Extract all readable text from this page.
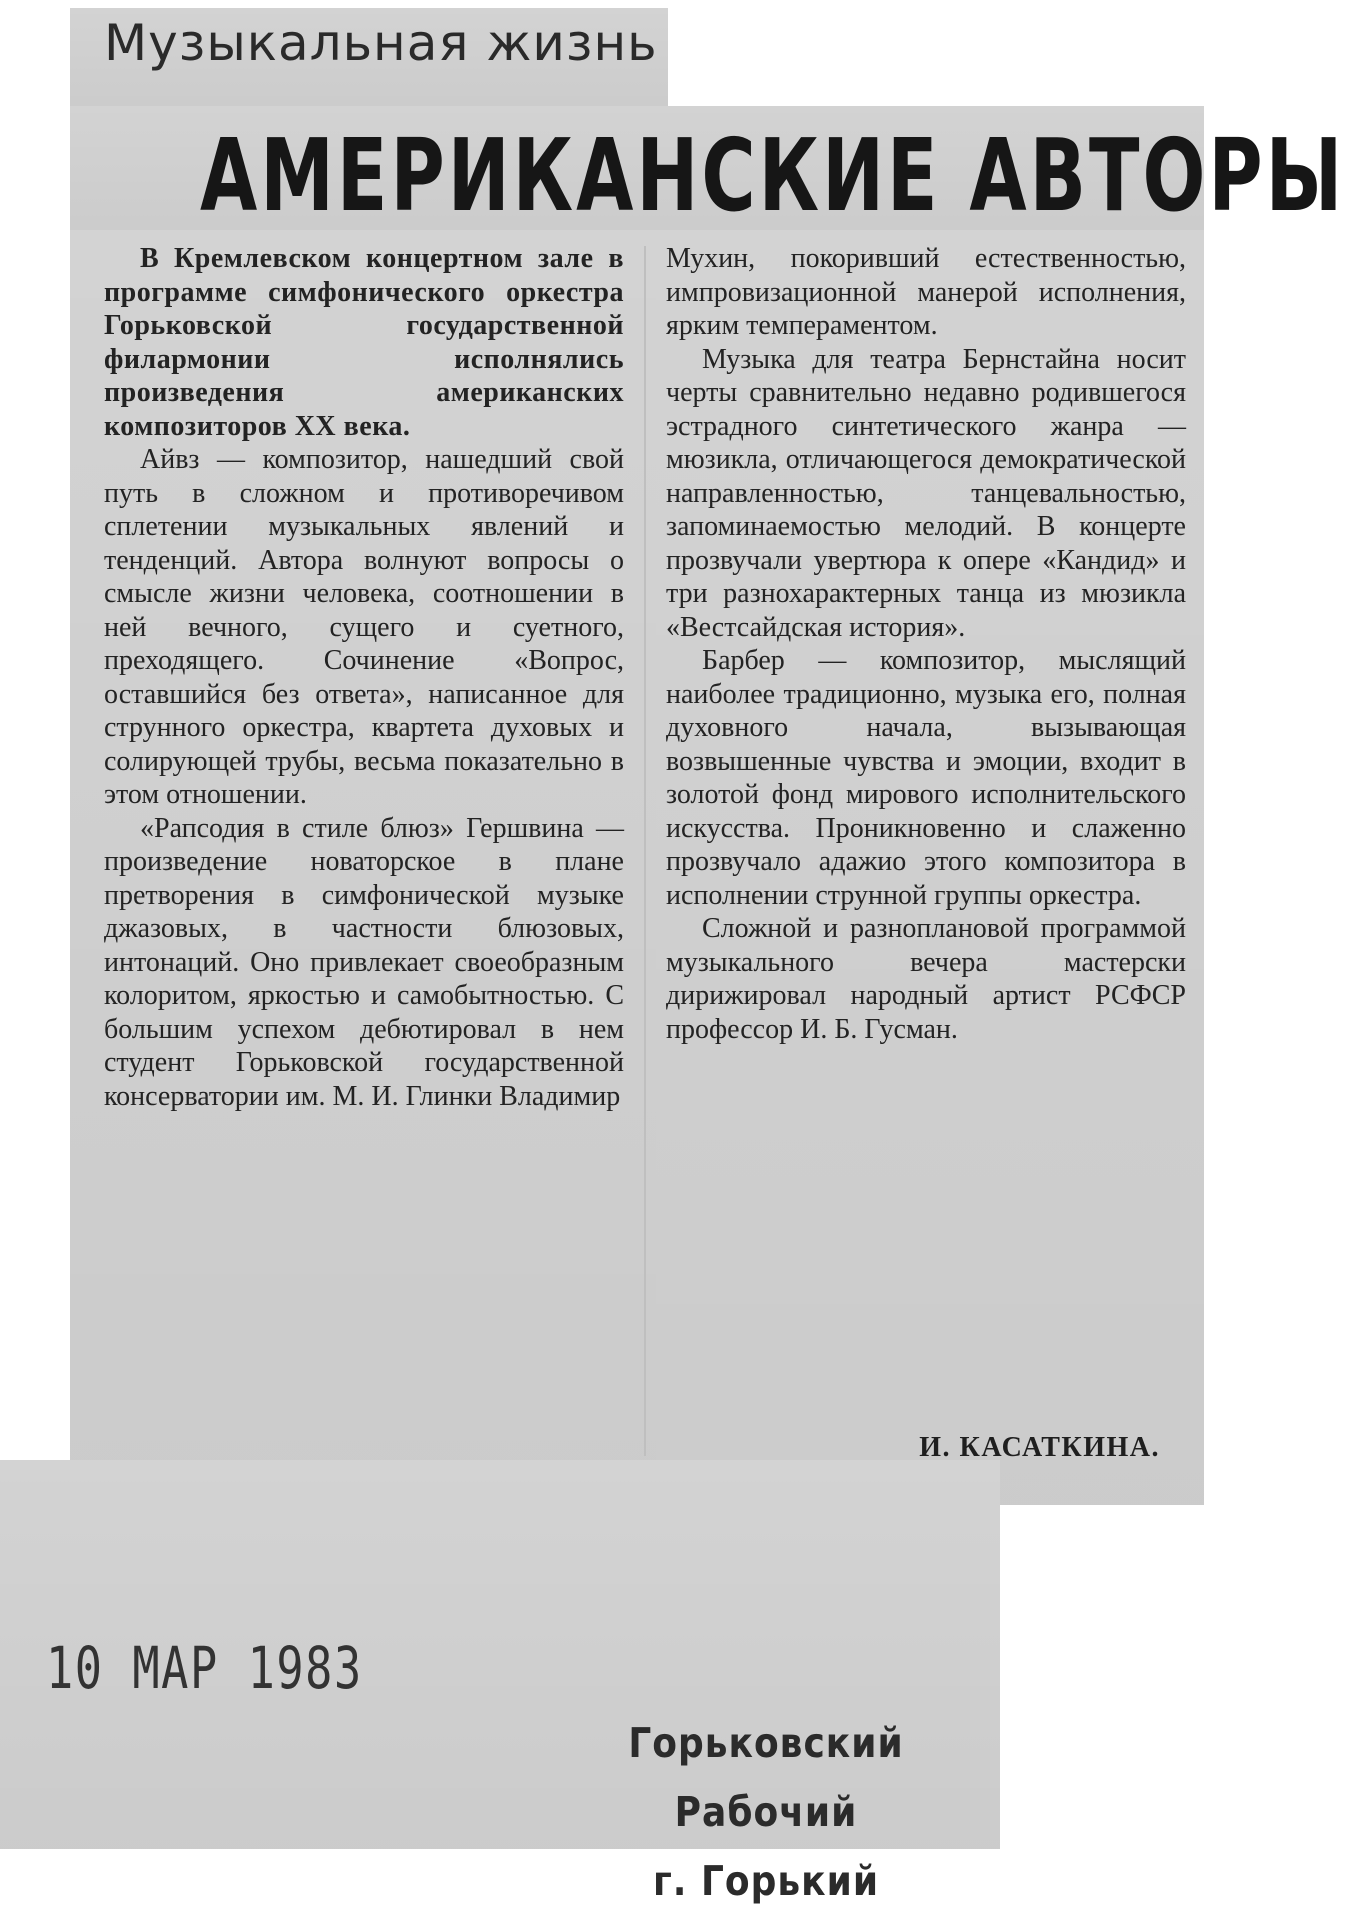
Музыкальная жизнь
АМЕРИКАНСКИЕ АВТОРЫ

В Кремлевском концертном зале в программе симфонического оркестра Горьковской государственной филармонии исполнялись произведения американских композиторов XX века.

Айвз — композитор, нашедший свой путь в сложном и противоречивом сплетении музыкальных явлений и тенденций. Автора волнуют вопросы о смысле жизни человека, соотношении в ней вечного, сущего и суетного, преходящего. Сочинение «Вопрос, оставшийся без ответа», написанное для струнного оркестра, квартета духовых и солирующей трубы, весьма показательно в этом отношении.

«Рапсодия в стиле блюз» Гершвина — произведение новаторское в плане претворения в симфонической музыке джазовых, в частности блюзовых, интонаций. Оно привлекает своеобразным колоритом, яркостью и самобытностью. С большим успехом дебютировал в нем студент Горьковской государственной консерватории им. М. И. Глинки Владимир

Мухин, покоривший естественностью, импровизационной манерой исполнения, ярким темпераментом.

Музыка для театра Бернстайна носит черты сравнительно недавно родившегося эстрадного синтетического жанра — мюзикла, отличающегося демократической направленностью, танцевальностью, запоминаемостью мелодий. В концерте прозвучали увертюра к опере «Кандид» и три разнохарактерных танца из мюзикла «Вестсайдская история».

Барбер — композитор, мыслящий наиболее традиционно, музыка его, полная духовного начала, вызывающая возвышенные чувства и эмоции, входит в золотой фонд мирового исполнительского искусства. Проникновенно и слаженно прозвучало адажио этого композитора в исполнении струнной группы оркестра.

Сложной и разноплановой программой музыкального вечера мастерски дирижировал народный артист РСФСР профессор И. Б. Гусман.

И. КАСАТКИНА.
10 МАР 1983
Горьковский Рабочий
г. Горький
